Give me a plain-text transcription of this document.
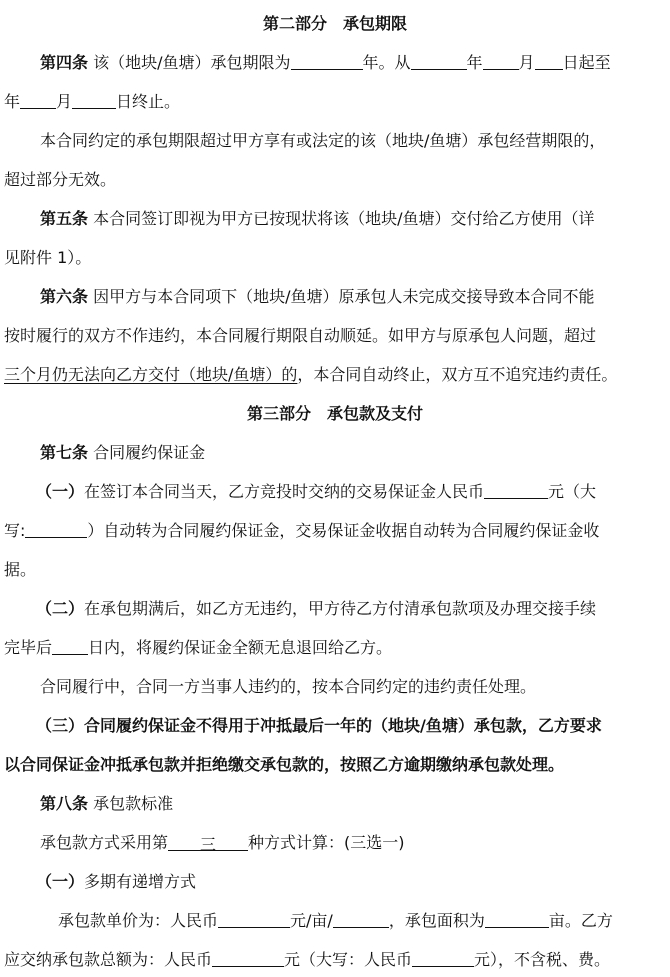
第二部分　承包期限
第四条 该（地块/鱼塘）承包期限为	年。从	年 月 日起至
年 月	日终止。
本合同约定的承包期限超过甲方享有或法定的该（地块/鱼塘）承包经营期限的，
超过部分无效。
第五条 本合同签订即视为甲方已按现状将该（地块/鱼塘）交付给乙方使用（详
见附件 1）。
第六条 因甲方与本合同项下（地块/鱼塘）原承包人未完成交接导致本合同不能
按时履行的双方不作违约，本合同履行期限自动顺延。如甲方与原承包人问题，超过
三个月仍无法向乙方交付（地块/鱼塘）的，本合同自动终止，双方互不追究违约责任。
第三部分　承包款及支付
第七条 合同履约保证金
（一）在签订本合同当天，乙方竞投时交纳的交易保证金人民币	元（大
写:	）自动转为合同履约保证金，交易保证金收据自动转为合同履约保证金收
据。
（二）在承包期满后，如乙方无违约，甲方待乙方付清承包款项及办理交接手续
完毕后 日内，将履约保证金全额无息退回给乙方。
合同履行中，合同一方当事人违约的，按本合同约定的违约责任处理。
（三）合同履约保证金不得用于冲抵最后一年的（地块/鱼塘）承包款，乙方要求
以合同保证金冲抵承包款并拒绝缴交承包款的，按照乙方逾期缴纳承包款处理。
第八条 承包款标准
承包款方式采用第 三 种方式计算：(三选一)
（一）多期有递增方式
承包款单价为：人民币	元/亩/	，承包面积为	亩。乙方
应交纳承包款总额为：人民币	元（大写：人民币	元），不含税、费。
